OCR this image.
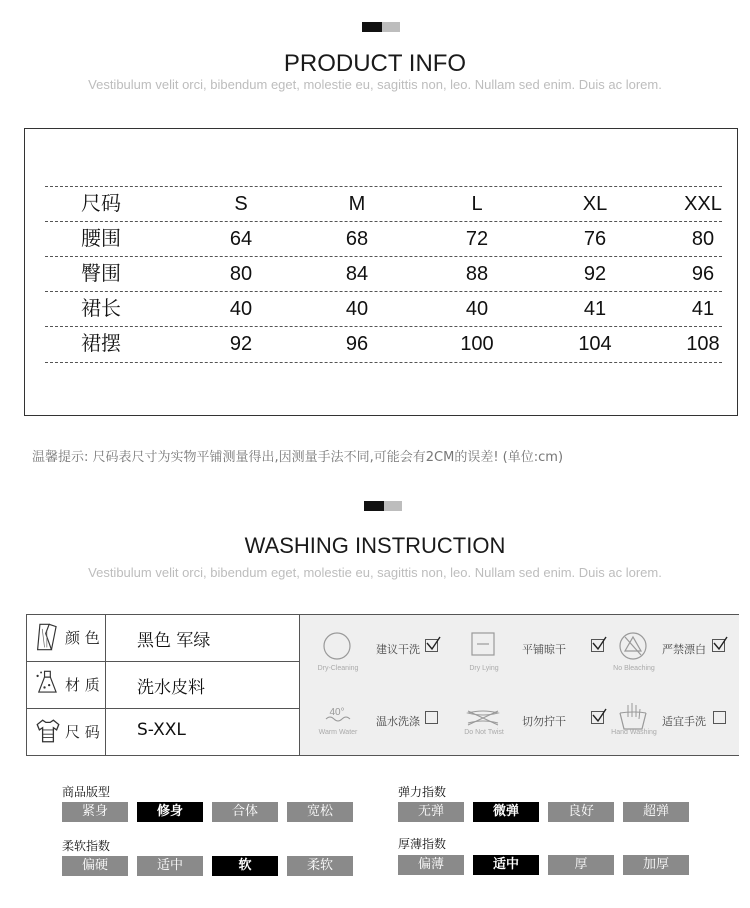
PRODUCT INFO
Vestibulum velit orci, bibendum eget, molestie eu, sagittis non, leo. Nullam sed enim. Duis ac lorem.
尺码	S	M	L	XL	XXL
腰围	64	68	72	76	80
臀围	80	84	88	92	96
裙长	40	40	40	41	41
裙摆	92	96	100	104	108
温馨提示: 尺码表尺寸为实物平铺测量得出,因测量手法不同,可能会有2CM的误差! (单位:cm)
WASHING INSTRUCTION
Vestibulum velit orci, bibendum eget, molestie eu, sagittis non, leo. Nullam sed enim. Duis ac lorem.
颜 色 黑色 军绿
材 质 洗水皮料
尺 码 S-XXL
Dry-Cleaning
建议干洗
Dry Lying
平铺晾干
No Bleaching
严禁漂白
40°
Warm Water
温水洗涤
Do Not Twist
切勿拧干
Hand Washing
适宜手洗
商品版型
紧身	修身	合体	宽松
弹力指数
无弹	微弹	良好	超弹
柔软指数
偏硬	适中	软	柔软
厚薄指数
偏薄	适中	厚	加厚
